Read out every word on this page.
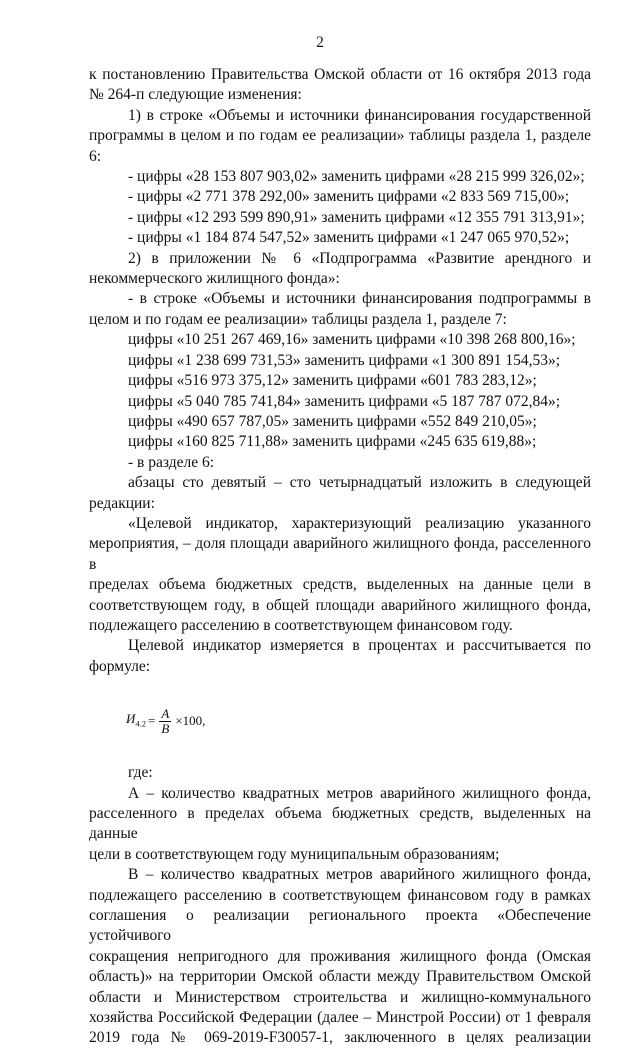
2

к постановлению Правительства Омской области от 16 октября 2013 года

№ 264-п следующие изменения:

1) в строке «Объемы и источники финансирования государственной

программы в целом и по годам ее реализации» таблицы раздела 1, разделе 6:

- цифры «28 153 807 903,02» заменить цифрами «28 215 999 326,02»;

- цифры «2 771 378 292,00» заменить цифрами «2 833 569 715,00»;

- цифры «12 293 599 890,91» заменить цифрами «12 355 791 313,91»;

- цифры «1 184 874 547,52» заменить цифрами «1 247 065 970,52»;

2) в приложении № 6 «Подпрограмма «Развитие арендного и

некоммерческого жилищного фонда»:

- в строке «Объемы и источники финансирования подпрограммы в

целом и по годам ее реализации» таблицы раздела 1, разделе 7:

цифры «10 251 267 469,16» заменить цифрами «10 398 268 800,16»;

цифры «1 238 699 731,53» заменить цифрами «1 300 891 154,53»;

цифры «516 973 375,12» заменить цифрами «601 783 283,12»;

цифры «5 040 785 741,84» заменить цифрами «5 187 787 072,84»;

цифры «490 657 787,05» заменить цифрами «552 849 210,05»;

цифры «160 825 711,88» заменить цифрами «245 635 619,88»;

- в разделе 6:

абзацы сто девятый – сто четырнадцатый изложить в следующей

редакции:

«Целевой индикатор, характеризующий реализацию указанного

мероприятия, – доля площади аварийного жилищного фонда, расселенного в

пределах объема бюджетных средств, выделенных на данные цели в

соответствующем году, в общей площади аварийного жилищного фонда,

подлежащего расселению в соответствующем финансовом году.

Целевой индикатор измеряется в процентах и рассчитывается по

формуле:

$И_{4.2} = \frac{A}{B} \times 100$,

где:

А – количество квадратных метров аварийного жилищного фонда,

расселенного в пределах объема бюджетных средств, выделенных на данные

цели в соответствующем году муниципальным образованиям;

В – количество квадратных метров аварийного жилищного фонда,

подлежащего расселению в соответствующем финансовом году в рамках

соглашения о реализации регионального проекта «Обеспечение устойчивого

сокращения непригодного для проживания жилищного фонда (Омская

область)» на территории Омской области между Правительством Омской

области и Министерством строительства и жилищно-коммунального

хозяйства Российской Федерации (далее – Минстрой России) от 1 февраля

2019 года № 069-2019-F30057-1, заключенного в целях реализации
